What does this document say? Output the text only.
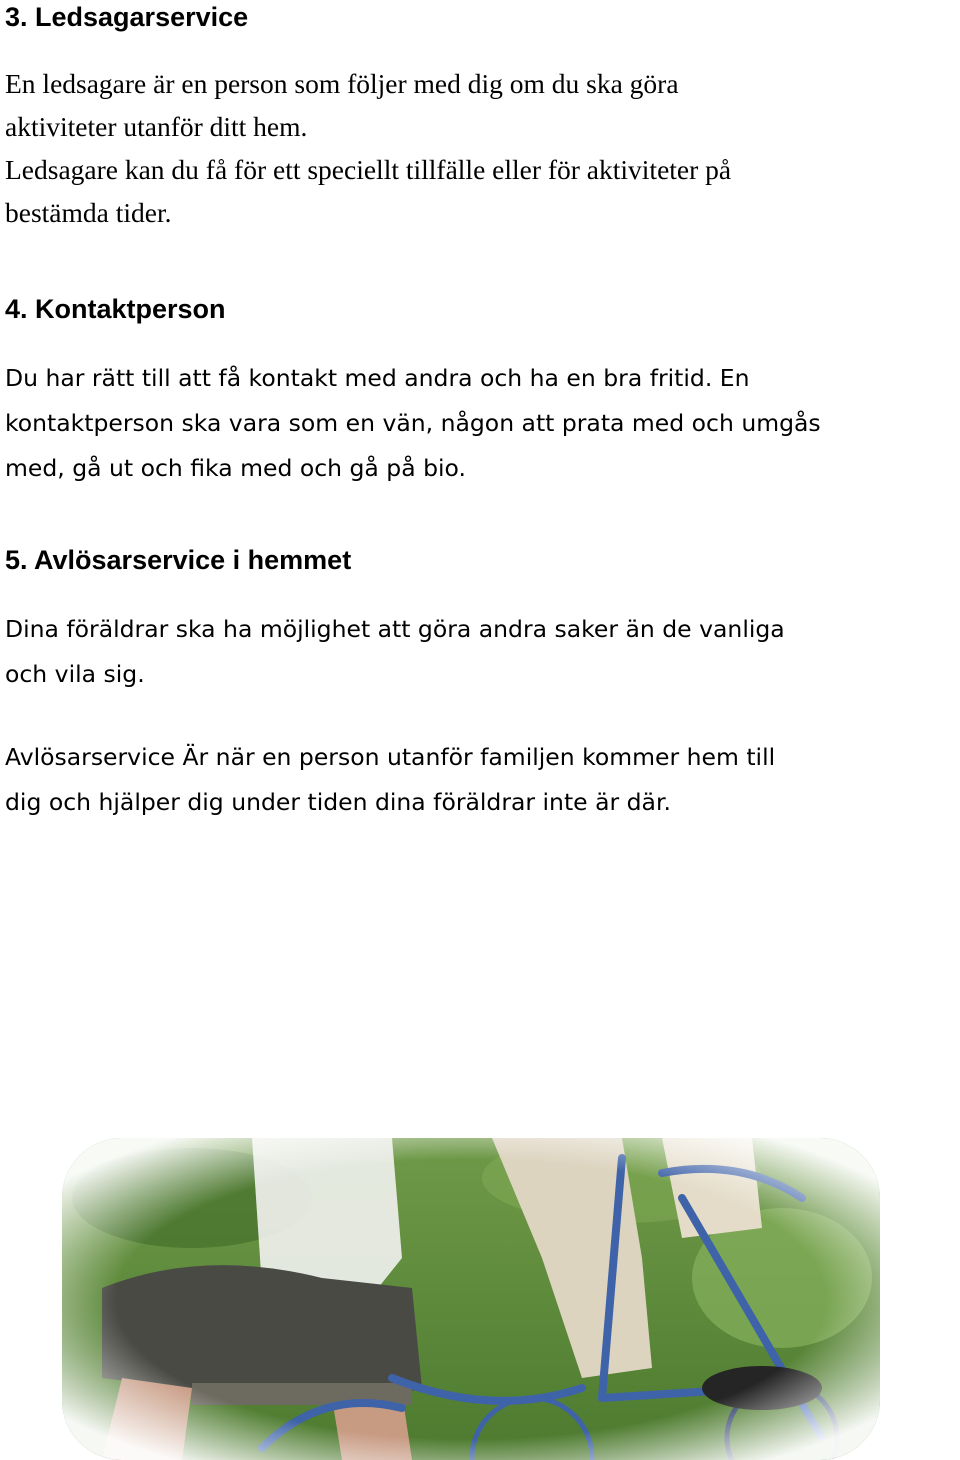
3. Ledsagarservice

En ledsagare är en person som följer med dig om du ska göra
aktiviteter utanför ditt hem.
Ledsagare kan du få för ett speciellt tillfälle eller för aktiviteter på
bestämda tider.

4. Kontaktperson

Du har rätt till att få kontakt med andra och ha en bra fritid. En
kontaktperson ska vara som en vän, någon att prata med och umgås
med, gå ut och fika med och gå på bio.

5. Avlösarservice i hemmet

Dina föräldrar ska ha möjlighet att göra andra saker än de vanliga
och vila sig.

Avlösarservice Är när en person utanför familjen kommer hem till
dig och hjälper dig under tiden dina föräldrar inte är där.
